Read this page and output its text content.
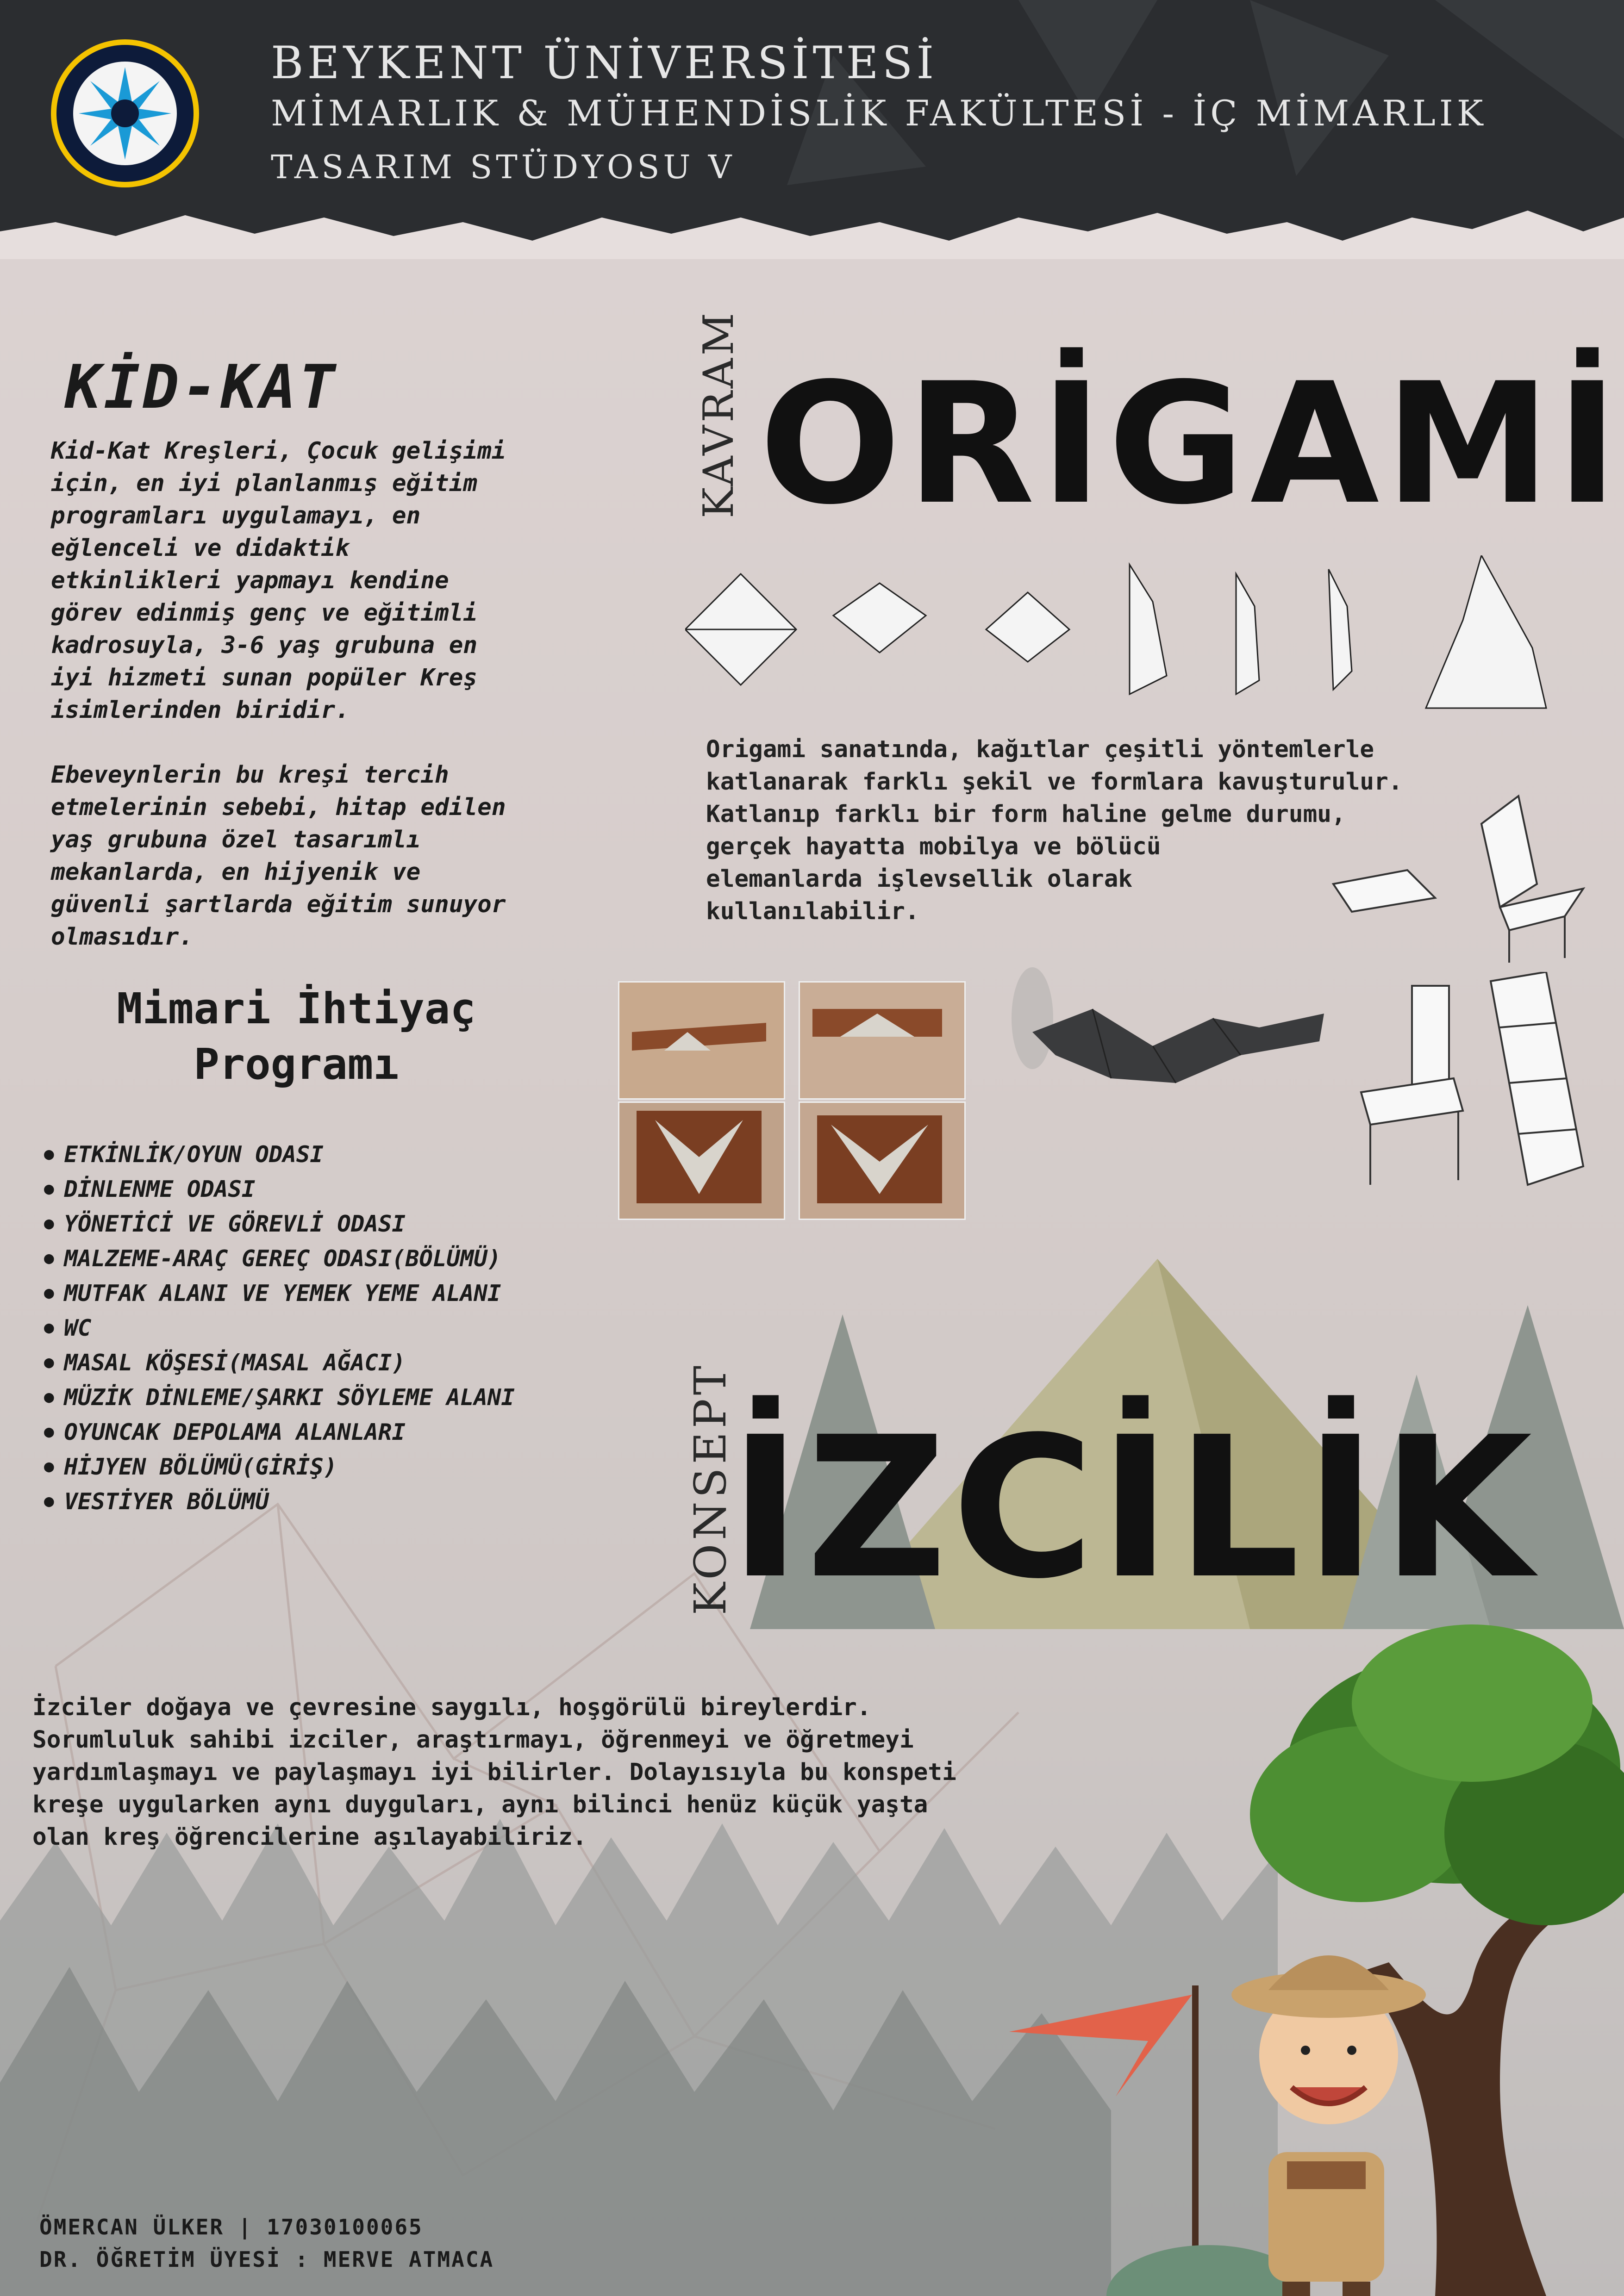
BEYKENT ÜNİVERSİTESİ
MİMARLIK & MÜHENDİSLİK FAKÜLTESİ - İÇ MİMARLIK
TASARIM STÜDYOSU V
KİD-KAT
Kid-Kat Kreşleri, Çocuk gelişimi
için, en iyi planlanmış eğitim
programları uygulamayı, en
eğlenceli ve didaktik
etkinlikleri yapmayı kendine
görev edinmiş genç ve eğitimli
kadrosuyla, 3-6 yaş grubuna en
iyi hizmeti sunan popüler Kreş
isimlerinden biridir.
Ebeveynlerin bu kreşi tercih
etmelerinin sebebi, hitap edilen
yaş grubuna özel tasarımlı
mekanlarda, en hijyenik ve
güvenli şartlarda eğitim sunuyor
olmasıdır.
Mimari İhtiyaç
Programı
● ETKİNLİK/OYUN ODASI
● DİNLENME ODASI
● YÖNETİCİ VE GÖREVLİ ODASI
● MALZEME-ARAÇ GEREÇ ODASI(BÖLÜMÜ)
● MUTFAK ALANI VE YEMEK YEME ALANI
● WC
● MASAL KÖŞESİ(MASAL AĞACI)
● MÜZİK DİNLEME/ŞARKI SÖYLEME ALANI
● OYUNCAK DEPOLAMA ALANLARI
● HİJYEN BÖLÜMÜ(GİRİŞ)
● VESTİYER BÖLÜMÜ
KAVRAM ORİGAMİ
Origami sanatında, kağıtlar çeşitli yöntemlerle
katlanarak farklı şekil ve formlara kavuşturulur.
Katlanıp farklı bir form haline gelme durumu,
gerçek hayatta mobilya ve bölücü
elemanlarda işlevsellik olarak
kullanılabilir.
KONSEPT
İZCİLİK
İzciler doğaya ve çevresine saygılı, hoşgörülü bireylerdir.
Sorumluluk sahibi izciler, araştırmayı, öğrenmeyi ve öğretmeyi
yardımlaşmayı ve paylaşmayı iyi bilirler. Dolayısıyla bu konspeti
kreşe uygularken aynı duyguları, aynı bilinci henüz küçük yaşta
olan kreş öğrencilerine aşılayabiliriz.
ÖMERCAN ÜLKER | 17030100065
DR. ÖĞRETİM ÜYESİ : MERVE ATMACA
